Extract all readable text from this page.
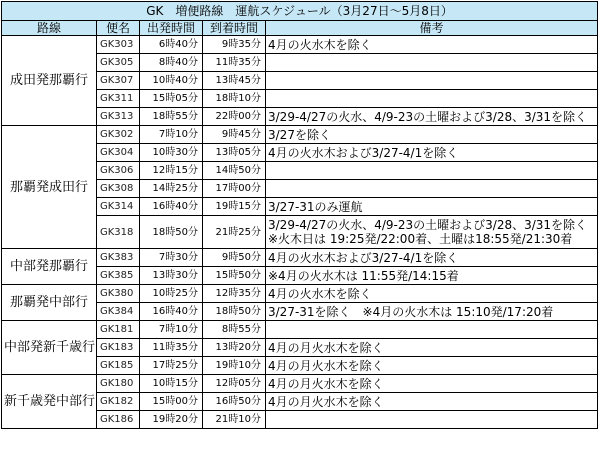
GK　増便路線　運航スケジュール（3月27日～5月8日）				
路線	便名	出発時間	到着時間	備考
成田発那覇行	GK303	6時40分	9時35分	4月の火水木を除く

	GK305	8時40分	11時35分	

	GK307	10時40分	13時45分	

	GK311	15時05分	18時10分	

	GK313	18時55分	22時00分	3/29-4/27の火水、4/9-23の土曜および3/28、3/31を除く

那覇発成田行	GK302	7時10分	9時45分	3/27を除く

	GK304	10時30分	13時05分	4月の火水木および3/27-4/1を除く

	GK306	12時15分	14時50分	

	GK308	14時25分	17時00分	

	GK314	16時40分	19時15分	3/27-31のみ運航

	GK318	18時50分	21時25分	3/29-4/27の火水、4/9-23の土曜および3/28、3/31を除く
※火木日は 19:25発/22:00着、土曜は18:55発/21:30着

中部発那覇行	GK383	7時30分	9時50分	4月の火水木および3/27-4/1を除く

	GK385	13時30分	15時50分	※4月の火水木は 11:55発/14:15着

那覇発中部行	GK380	10時25分	12時35分	4月の火水木を除く

	GK384	16時40分	18時50分	3/27-31を除く　※4月の火水木は 15:10発/17:20着

中部発新千歳行	GK181	7時10分	8時55分	

	GK183	11時35分	13時20分	4月の月火水木を除く

	GK185	17時25分	19時10分	4月の月火水木を除く

新千歳発中部行	GK180	10時15分	12時05分	4月の月火水木を除く

	GK182	15時00分	16時50分	4月の月火水木を除く

	GK186	19時20分	21時10分	
